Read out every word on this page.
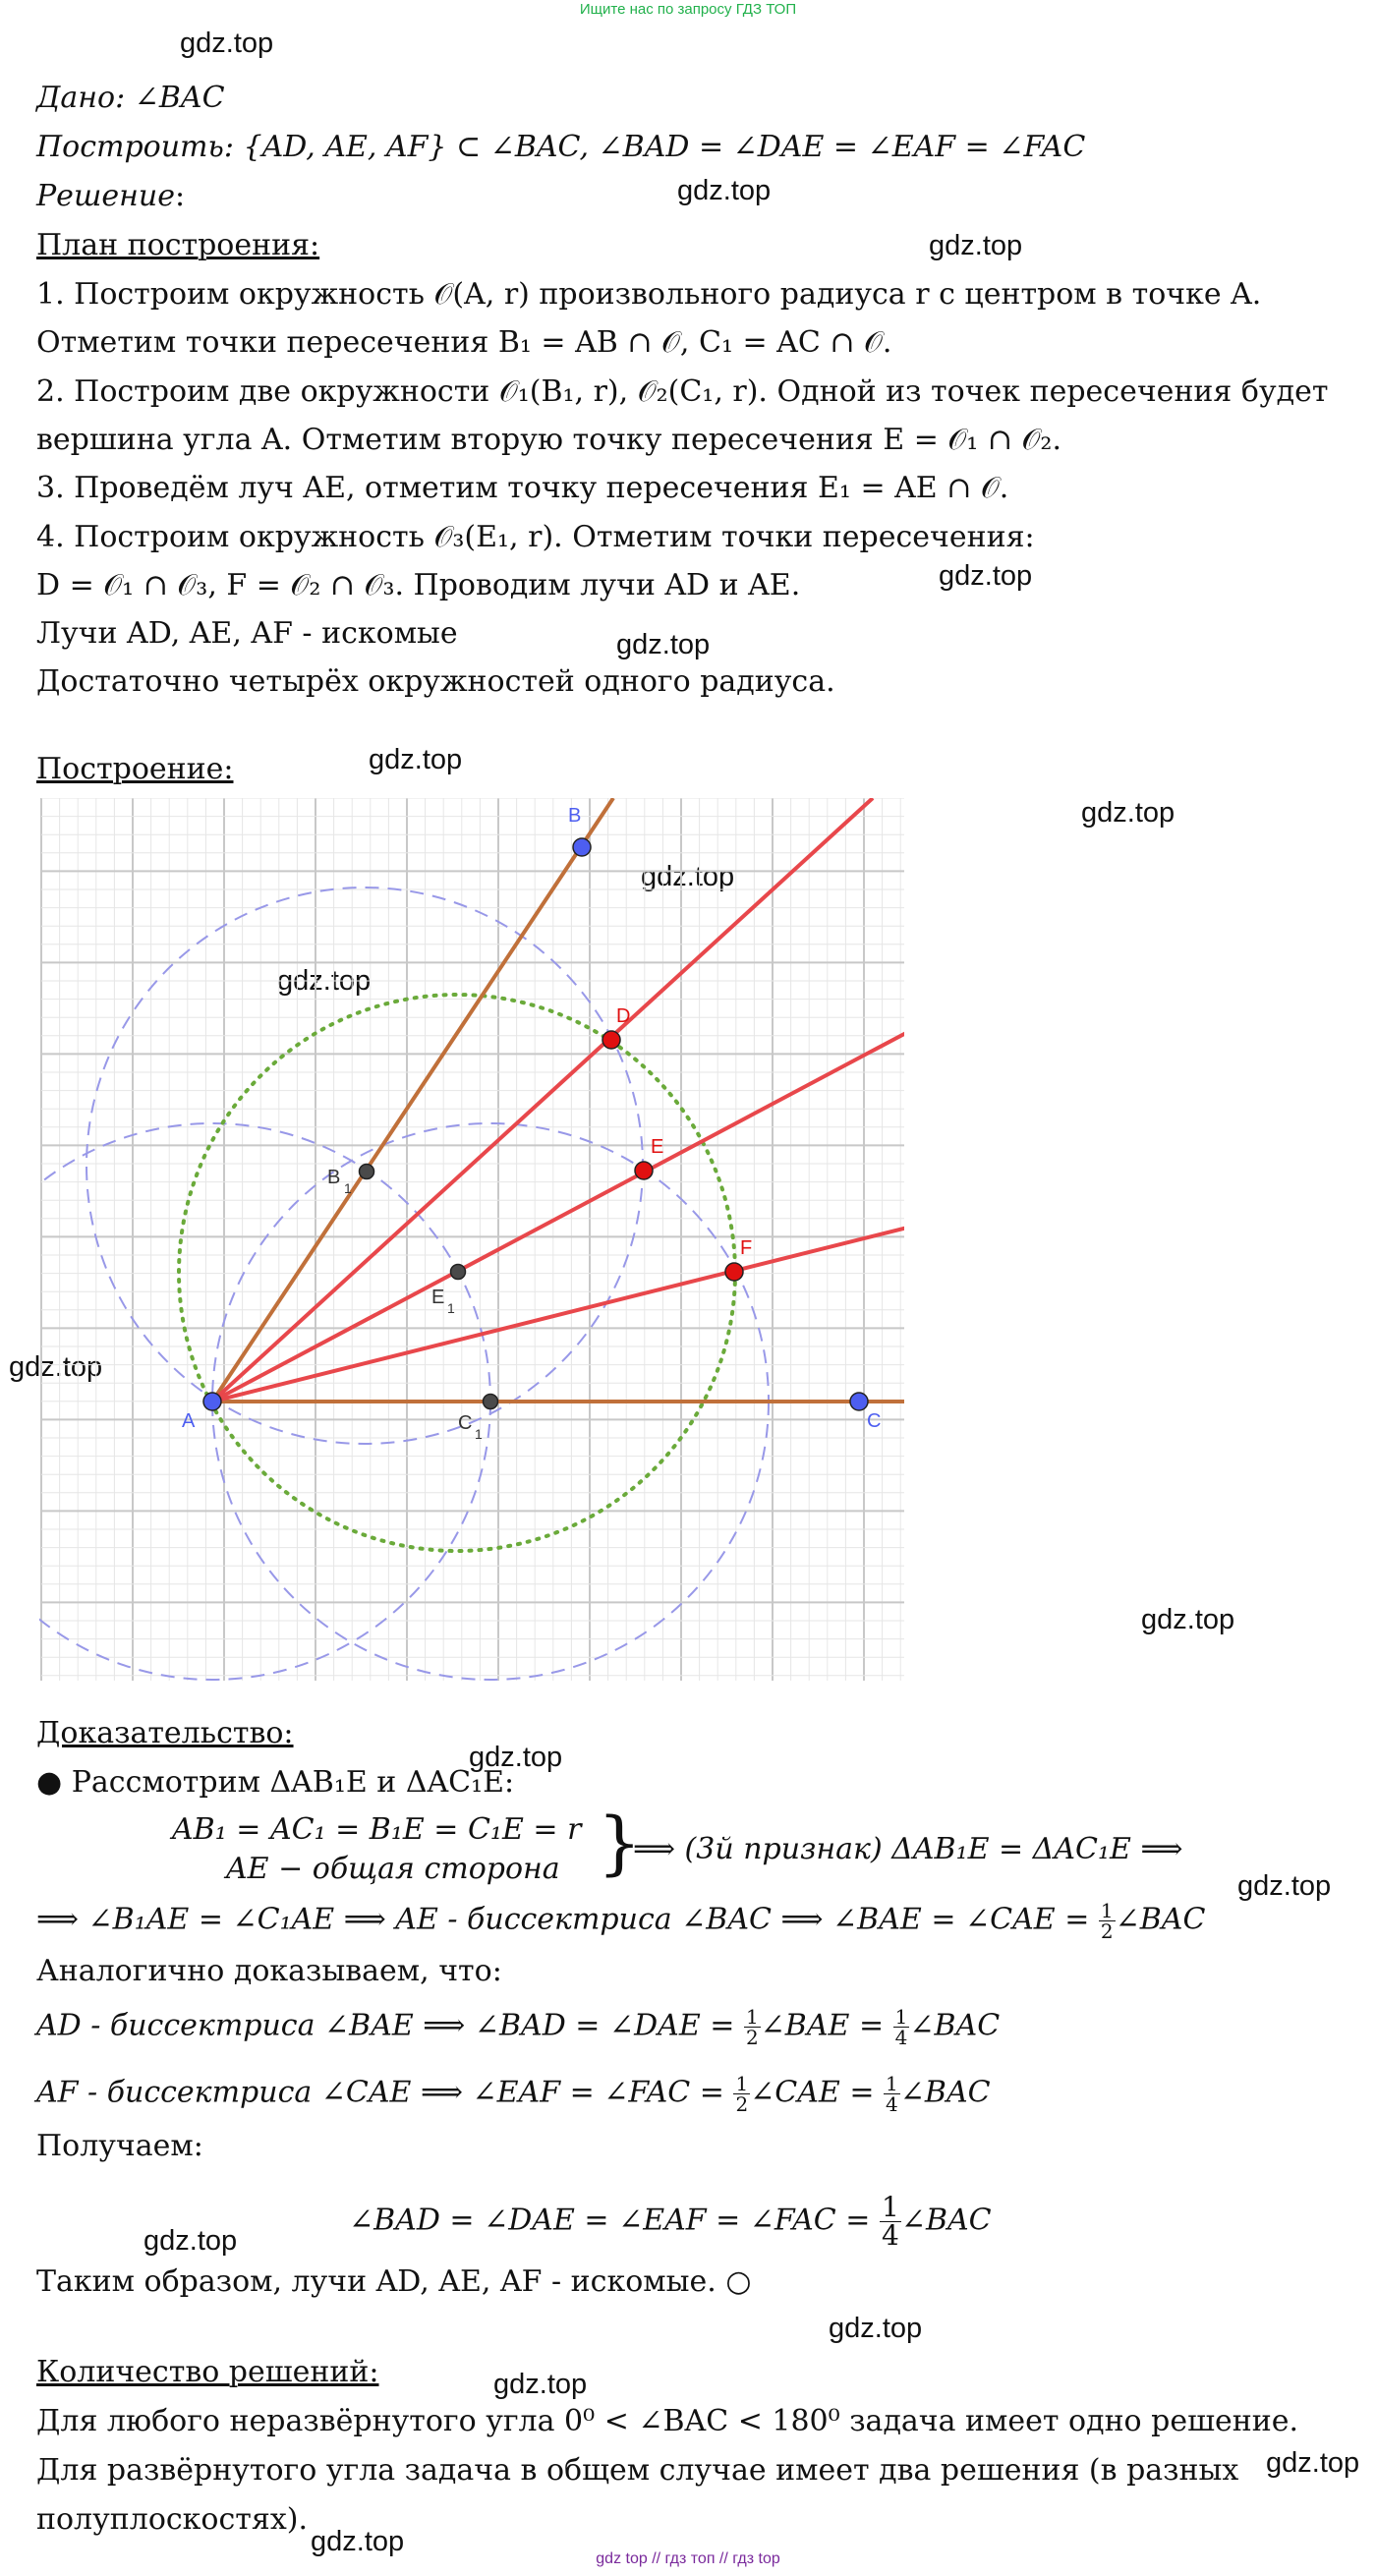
Ищите нас по запросу ГДЗ ТОП
gdz.top
gdz.top
gdz.top
gdz.top
gdz.top
gdz.top
gdz.top
gdz.top
gdz.top
gdz.top
gdz.top
gdz.top
gdz.top
gdz.top
gdz.top
gdz.top
gdz.top
gdz.top
Дано: ∠BAC
Построить: {AD, AE, AF} ⊂ ∠BAC, ∠BAD = ∠DAE = ∠EAF = ∠FAC
Решение:
План построения:
1. Построим окружность 𝒪(A, r) произвольного радиуса r с центром в точке A.
Отметим точки пересечения B₁ = AB ∩ 𝒪, C₁ = AC ∩ 𝒪.
2. Построим две окружности 𝒪₁(B₁, r), 𝒪₂(C₁, r). Одной из точек пересечения будет
вершина угла A. Отметим вторую точку пересечения E = 𝒪₁ ∩ 𝒪₂.
3. Проведём луч AE, отметим точку пересечения E₁ = AE ∩ 𝒪.
4. Построим окружность 𝒪₃(E₁, r). Отметим точки пересечения:
D = 𝒪₁ ∩ 𝒪₃, F = 𝒪₂ ∩ 𝒪₃. Проводим лучи AD и AE.
Лучи AD, AE, AF - искомые
Достаточно четырёх окружностей одного радиуса.
Построение:
A
B
C
D
E
F
B 1
C 1
E 1
Доказательство:
● Рассмотрим ΔAB₁E и ΔAC₁E:
AB₁ = AC₁ = B₁E = C₁E = r
AE − общая сторона }
⟹ (3й признак) ΔAB₁E = ΔAC₁E ⟹
⟹ ∠B₁AE = ∠C₁AE ⟹ AE - биссектриса ∠BAC ⟹ ∠BAE = ∠CAE = $\frac{1}{2}$ ∠BAC
Аналогично доказываем, что:
AD - биссектриса ∠BAE ⟹ ∠BAD = ∠DAE = $\frac{1}{2}$ ∠BAE = $\frac{1}{4}$ ∠BAC
AF - биссектриса ∠CAE ⟹ ∠EAF = ∠FAC = $\frac{1}{2}$ ∠CAE = $\frac{1}{4}$ ∠BAC
Получаем:
∠BAD = ∠DAE = ∠EAF = ∠FAC = $\frac{1}{4}$ ∠BAC
Таким образом, лучи AD, AE, AF - искомые. ○
Количество решений:
Для любого неразвёрнутого угла 0⁰ < ∠BAC < 180⁰ задача имеет одно решение.
Для развёрнутого угла задача в общем случае имеет два решения (в разных
полуплоскостях).
gdz top // гдз топ // гдз top
